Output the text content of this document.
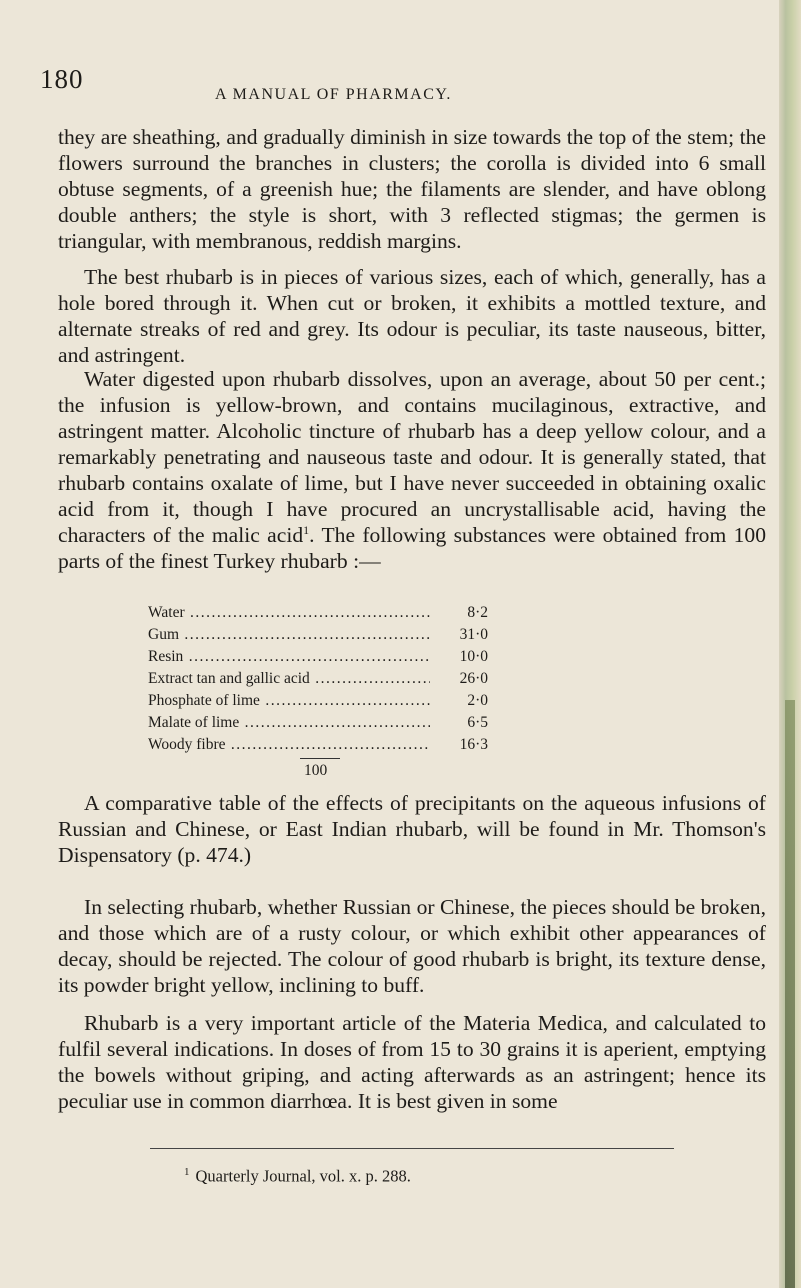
180
A MANUAL OF PHARMACY.
they are sheathing, and gradually diminish in size towards the top of the stem; the flowers surround the branches in clusters; the corolla is divided into 6 small obtuse segments, of a greenish hue; the filaments are slender, and have oblong double anthers; the style is short, with 3 reflected stigmas; the germen is triangular, with membranous, reddish margins.
The best rhubarb is in pieces of various sizes, each of which, generally, has a hole bored through it. When cut or broken, it exhibits a mottled texture, and alternate streaks of red and grey. Its odour is peculiar, its taste nauseous, bitter, and astringent.
Water digested upon rhubarb dissolves, upon an average, about 50 per cent.; the infusion is yellow-brown, and contains mucilaginous, extractive, and astringent matter. Alcoholic tincture of rhubarb has a deep yellow colour, and a remarkably penetrating and nauseous taste and odour. It is generally stated, that rhubarb contains oxalate of lime, but I have never succeeded in obtaining oxalic acid from it, though I have procured an uncrystallisable acid, having the characters of the malic acid$^1$. The following substances were obtained from 100 parts of the finest Turkey rhubarb :—
Water .....	8·2
Gum .....	31·0
Resin .....	10·0
Extract tan and gallic acid .....	26·0
Phosphate of lime .....	2·0
Malate of lime .....	6·5
Woody fibre .....	16·3
100
A comparative table of the effects of precipitants on the aqueous infusions of Russian and Chinese, or East Indian rhubarb, will be found in Mr. Thomson's Dispensatory (p. 474.)
In selecting rhubarb, whether Russian or Chinese, the pieces should be broken, and those which are of a rusty colour, or which exhibit other appearances of decay, should be rejected. The colour of good rhubarb is bright, its texture dense, its powder bright yellow, inclining to buff.
Rhubarb is a very important article of the Materia Medica, and calculated to fulfil several indications. In doses of from 15 to 30 grains it is aperient, emptying the bowels without griping, and acting afterwards as an astringent; hence its peculiar use in common diarrhœa. It is best given in some
$^1$ Quarterly Journal, vol. x. p. 288.
